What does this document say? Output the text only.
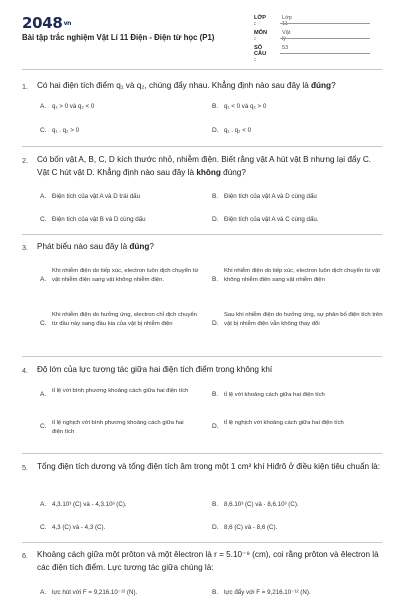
2048vn
Bài tập trắc nghiệm Vật Lí 11 Điện - Điện từ học (P1)
LỚP :
Lớp 11
MÔN :
Vật lý
SỐ CÂU :
53
1. Có hai điện tích điểm q₁ và q₂, chúng đẩy nhau. Khẳng định nào sau đây là đúng?
A. q₁ > 0 và q₂ < 0	B. q₁ < 0 và q₂ > 0
C. q₁ . q₂ > 0	D. q₁ . q₂ < 0
2. Có bốn vật A, B, C, D kích thước nhỏ, nhiễm điện. Biết rằng vật A hút vật B nhưng lại đẩy C. Vật C hút vật D. Khẳng định nào sau đây là không đúng?
A. Điện tích của vật A và D trái dấu	B. Điện tích của vật A và D cùng dấu
C. Điện tích của vật B và D cùng dấu	D. Điện tích của vật A và C cùng dấu.
3. Phát biểu nào sau đây là đúng?
A.
Khi nhiễm điện do tiếp xúc, electron luôn dịch chuyển từ vật nhiễm điện sang vật không nhiễm điện.	B.
Khi nhiễm điện do tiếp xúc, electron luôn dịch chuyển từ vật không nhiễm điện sang vật nhiễm điện
C.
Khi nhiễm điện do hưởng ứng, electron chỉ dịch chuyển từ đầu này sang đầu kia của vật bị nhiễm điện	D.
Sau khi nhiễm điện do hưởng ứng, sự phân bố điện tích trên vật bị nhiễm điện vẫn không thay đổi
4. Độ lớn của lực tương tác giữa hai điện tích điểm trong không khí
A.
tỉ lệ với bình phương khoảng cách giữa hai điện tích	B. tỉ lệ với khoảng cách giữa hai điện tích
C.
tỉ lệ nghịch với bình phương khoảng cách giữa hai điện tích
D.
tỉ lệ nghịch với khoảng cách giữa hai điện tích
5. Tổng điện tích dương và tổng điện tích âm trong một 1 cm³ khí Hiđrô ở điều kiện tiêu chuẩn là:
A. 4,3.10³ (C) và - 4,3.10³ (C).	B. 8,6.10³ (C) và - 8,6.10³ (C).
C. 4,3 (C) và - 4,3 (C).	D. 8,6 (C) và - 8,6 (C).
6. Khoảng cách giữa một prôton và một êlectron là r = 5.10⁻⁹ (cm), coi rằng prôton và êlectron là các điện tích điểm. Lực tương tác giữa chúng là:
A. lực hút với F = 9,216.10⁻¹² (N).	B. lực đẩy với F = 9,216.10⁻¹² (N).
